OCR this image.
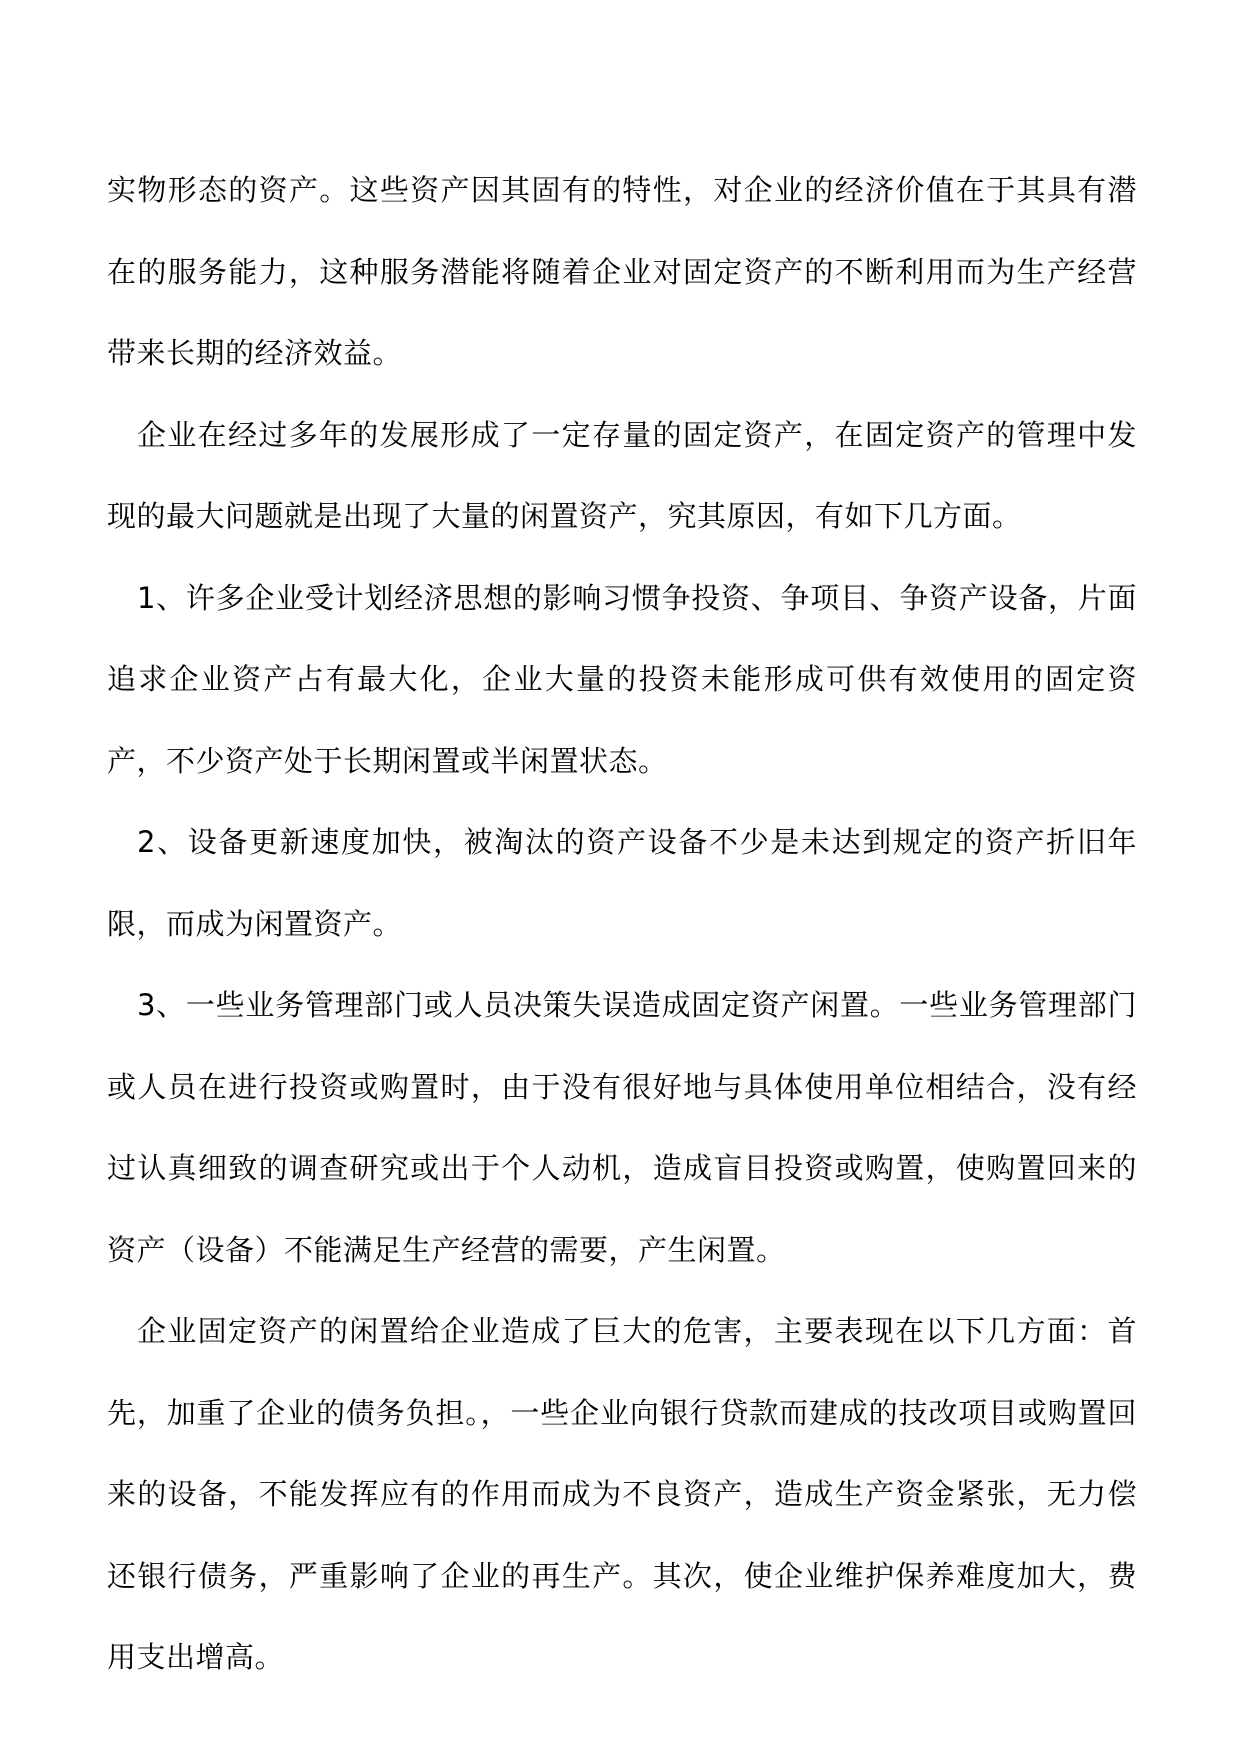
实物形态的资产。这些资产因其固有的特性，对企业的经济价值在于其具有潜在的服务能力，这种服务潜能将随着企业对固定资产的不断利用而为生产经营带来长期的经济效益。

企业在经过多年的发展形成了一定存量的固定资产，在固定资产的管理中发现的最大问题就是出现了大量的闲置资产，究其原因，有如下几方面。

1、许多企业受计划经济思想的影响习惯争投资、争项目、争资产设备，片面追求企业资产占有最大化，企业大量的投资未能形成可供有效使用的固定资产，不少资产处于长期闲置或半闲置状态。

2、设备更新速度加快，被淘汰的资产设备不少是未达到规定的资产折旧年限，而成为闲置资产。

3、一些业务管理部门或人员决策失误造成固定资产闲置。一些业务管理部门或人员在进行投资或购置时，由于没有很好地与具体使用单位相结合，没有经过认真细致的调查研究或出于个人动机，造成盲目投资或购置，使购置回来的资产（设备）不能满足生产经营的需要，产生闲置。

企业固定资产的闲置给企业造成了巨大的危害，主要表现在以下几方面：首先，加重了企业的债务负担。，一些企业向银行贷款而建成的技改项目或购置回来的设备，不能发挥应有的作用而成为不良资产，造成生产资金紧张，无力偿还银行债务，严重影响了企业的再生产。其次，使企业维护保养难度加大，费用支出增高。
